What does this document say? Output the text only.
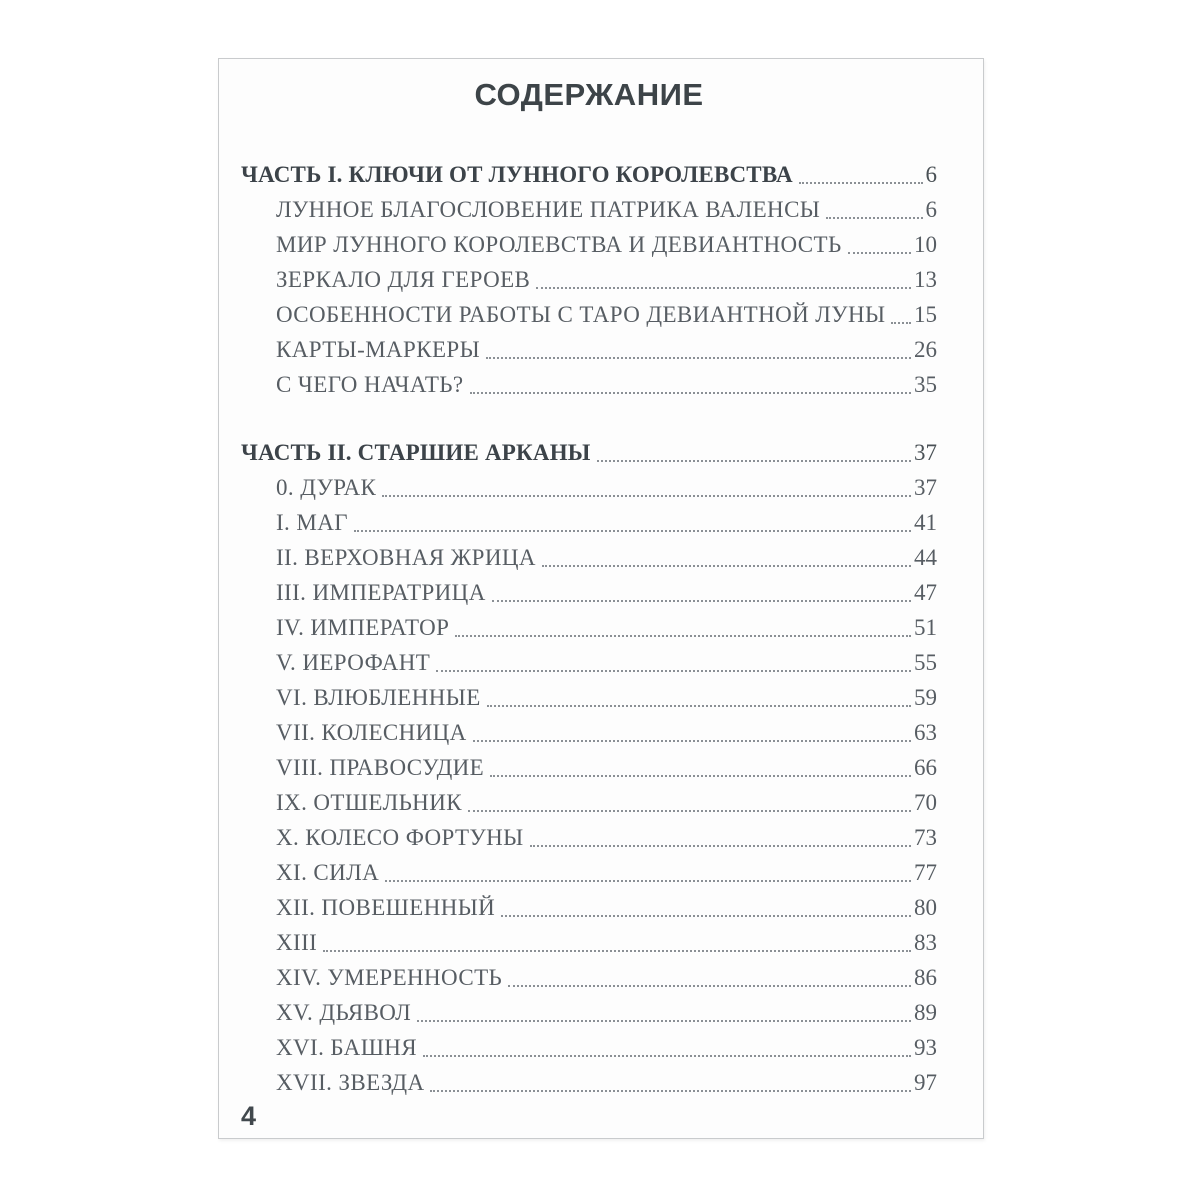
СОДЕРЖАНИЕ
ЧАСТЬ I. КЛЮЧИ ОТ ЛУННОГО КОРОЛЕВСТВА	6
ЛУННОЕ БЛАГОСЛОВЕНИЕ ПАТРИКА ВАЛЕНСЫ	6
МИР ЛУННОГО КОРОЛЕВСТВА И ДЕВИАНТНОСТЬ	10
ЗЕРКАЛО ДЛЯ ГЕРОЕВ	13
ОСОБЕННОСТИ РАБОТЫ С ТАРО ДЕВИАНТНОЙ ЛУНЫ 15
КАРТЫ-МАРКЕРЫ	26
С ЧЕГО НАЧАТЬ?	35
ЧАСТЬ II. СТАРШИЕ АРКАНЫ	37
0. ДУРАК	37
I. МАГ	41
II. ВЕРХОВНАЯ ЖРИЦА	44
III. ИМПЕРАТРИЦА	47
IV. ИМПЕРАТОР	51
V. ИЕРОФАНТ	55
VI. ВЛЮБЛЕННЫЕ	59
VII. КОЛЕСНИЦА	63
VIII. ПРАВОСУДИЕ	66
IX. ОТШЕЛЬНИК	70
X. КОЛЕСО ФОРТУНЫ	73
XI. СИЛА	77
XII. ПОВЕШЕННЫЙ	80
XIII	83
XIV. УМЕРЕННОСТЬ	86
XV. ДЬЯВОЛ	89
XVI. БАШНЯ	93
XVII. ЗВЕЗДА	97
4
